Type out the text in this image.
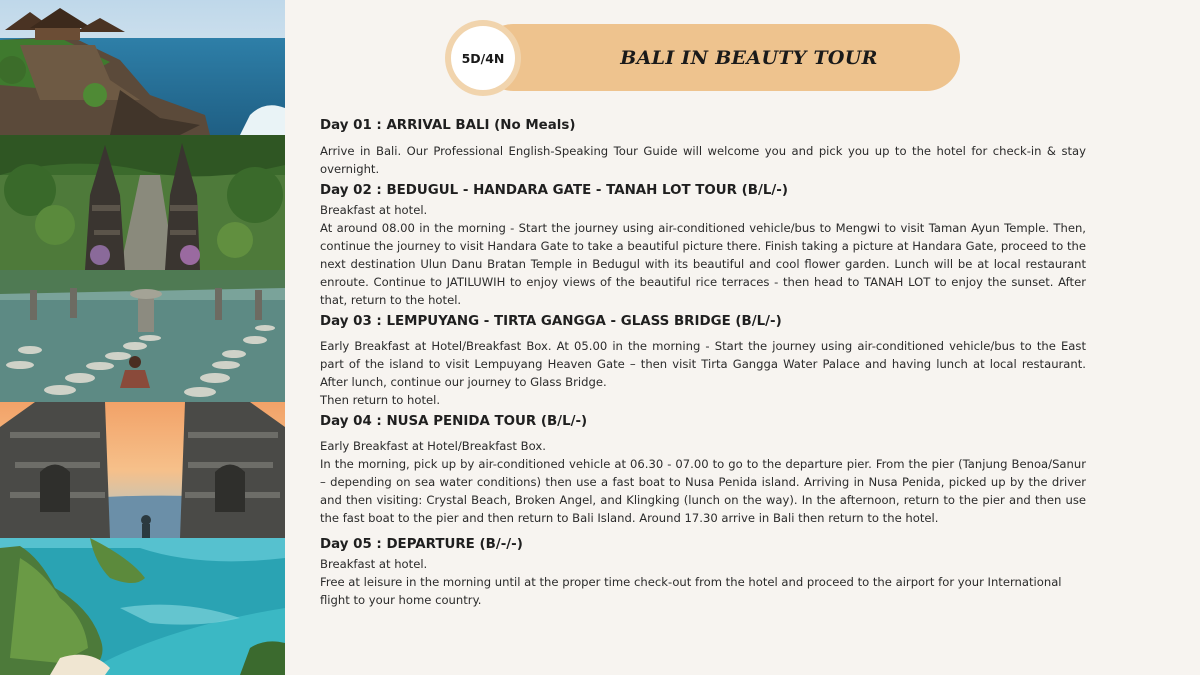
BALI IN BEAUTY TOUR
5D/4N
Day 01 : ARRIVAL BALI (No Meals)

Arrive in Bali. Our Professional English-Speaking Tour Guide will welcome you and pick you up to the hotel for check-in & stay overnight.

Day 02 : BEDUGUL - HANDARA GATE - TANAH LOT TOUR (B/L/-)

Breakfast at hotel.

At around 08.00 in the morning - Start the journey using air-conditioned vehicle/bus to Mengwi to visit Taman Ayun Temple. Then, continue the journey to visit Handara Gate to take a beautiful picture there. Finish taking a picture at Handara Gate, proceed to the next destination Ulun Danu Bratan Temple in Bedugul with its beautiful and cool flower garden. Lunch will be at local restaurant enroute. Continue to JATILUWIH to enjoy views of the beautiful rice terraces - then head to TANAH LOT to enjoy the sunset. After that, return to the hotel.

Day 03 : LEMPUYANG - TIRTA GANGGA - GLASS BRIDGE (B/L/-)

Early Breakfast at Hotel/Breakfast Box. At 05.00 in the morning - Start the journey using air-conditioned vehicle/bus to the East part of the island to visit Lempuyang Heaven Gate – then visit Tirta Gangga Water Palace and having lunch at local restaurant. After lunch, continue our journey to Glass Bridge.

Then return to hotel.

Day 04 : NUSA PENIDA TOUR (B/L/-)

Early Breakfast at Hotel/Breakfast Box.

In the morning, pick up by air-conditioned vehicle at 06.30 - 07.00 to go to the departure pier. From the pier (Tanjung Benoa/Sanur – depending on sea water conditions) then use a fast boat to Nusa Penida island. Arriving in Nusa Penida, picked up by the driver and then visiting: Crystal Beach, Broken Angel, and Klingking (lunch on the way). In the afternoon, return to the pier and then use the fast boat to the pier and then return to Bali Island. Around 17.30 arrive in Bali then return to the hotel.

Day 05 : DEPARTURE (B/-/-)

Breakfast at hotel.

Free at leisure in the morning until at the proper time check-out from the hotel and proceed to the airport for your International flight to your home country.
